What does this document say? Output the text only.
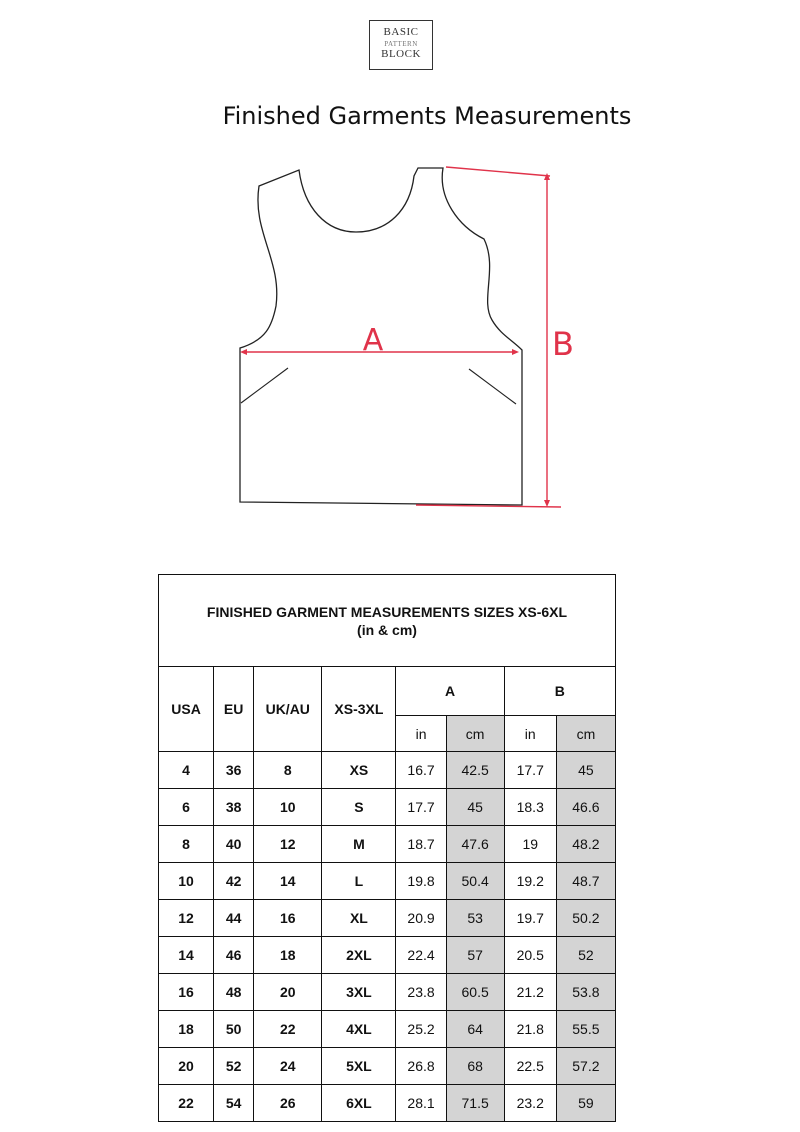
BASIC
PATTERN
BLOCK
Finished Garments Measurements
A	B
FINISHED GARMENT MEASUREMENTS SIZES XS-6XL
(in & cm)							
USA	EU	UK/AU	XS-3XL	A		B	
				in	cm	in	cm
4	36	8	XS	16.7	42.5	17.7	45
6	38	10	S	17.7	45	18.3	46.6
8	40	12	M	18.7	47.6	19	48.2
10	42	14	L	19.8	50.4	19.2	48.7
12	44	16	XL	20.9	53	19.7	50.2
14	46	18	2XL	22.4	57	20.5	52
16	48	20	3XL	23.8	60.5	21.2	53.8
18	50	22	4XL	25.2	64	21.8	55.5
20	52	24	5XL	26.8	68	22.5	57.2
22	54	26	6XL	28.1	71.5	23.2	59
